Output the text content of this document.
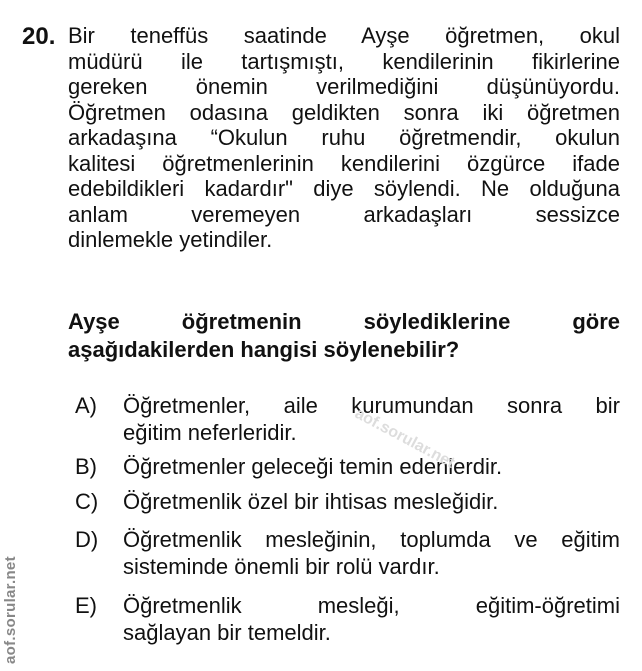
20. Bir teneffüs saatinde Ayşe öğretmen, okul
müdürü ile tartışmıştı, kendilerinin fikirlerine
gereken önemin verilmediğini düşünüyordu.
Öğretmen odasına geldikten sonra iki öğretmen
arkadaşına “Okulun ruhu öğretmendir, okulun
kalitesi öğretmenlerinin kendilerini özgürce ifade
edebildikleri kadardır" diye söylendi. Ne olduğuna
anlam veremeyen arkadaşları sessizce
dinlemekle yetindiler.
Ayşe öğretmenin söylediklerine göre
aşağıdakilerden hangisi söylenebilir?
A) Öğretmenler, aile kurumundan sonra bir
eğitim neferleridir.
B) Öğretmenler geleceği temin edenlerdir.
C) Öğretmenlik özel bir ihtisas mesleğidir.
D) Öğretmenlik mesleğinin, toplumda ve eğitim
sisteminde önemli bir rolü vardır.
E) Öğretmenlik mesleği, eğitim-öğretimi
sağlayan bir temeldir.
aof.sorular.net
aof.sorular.net
